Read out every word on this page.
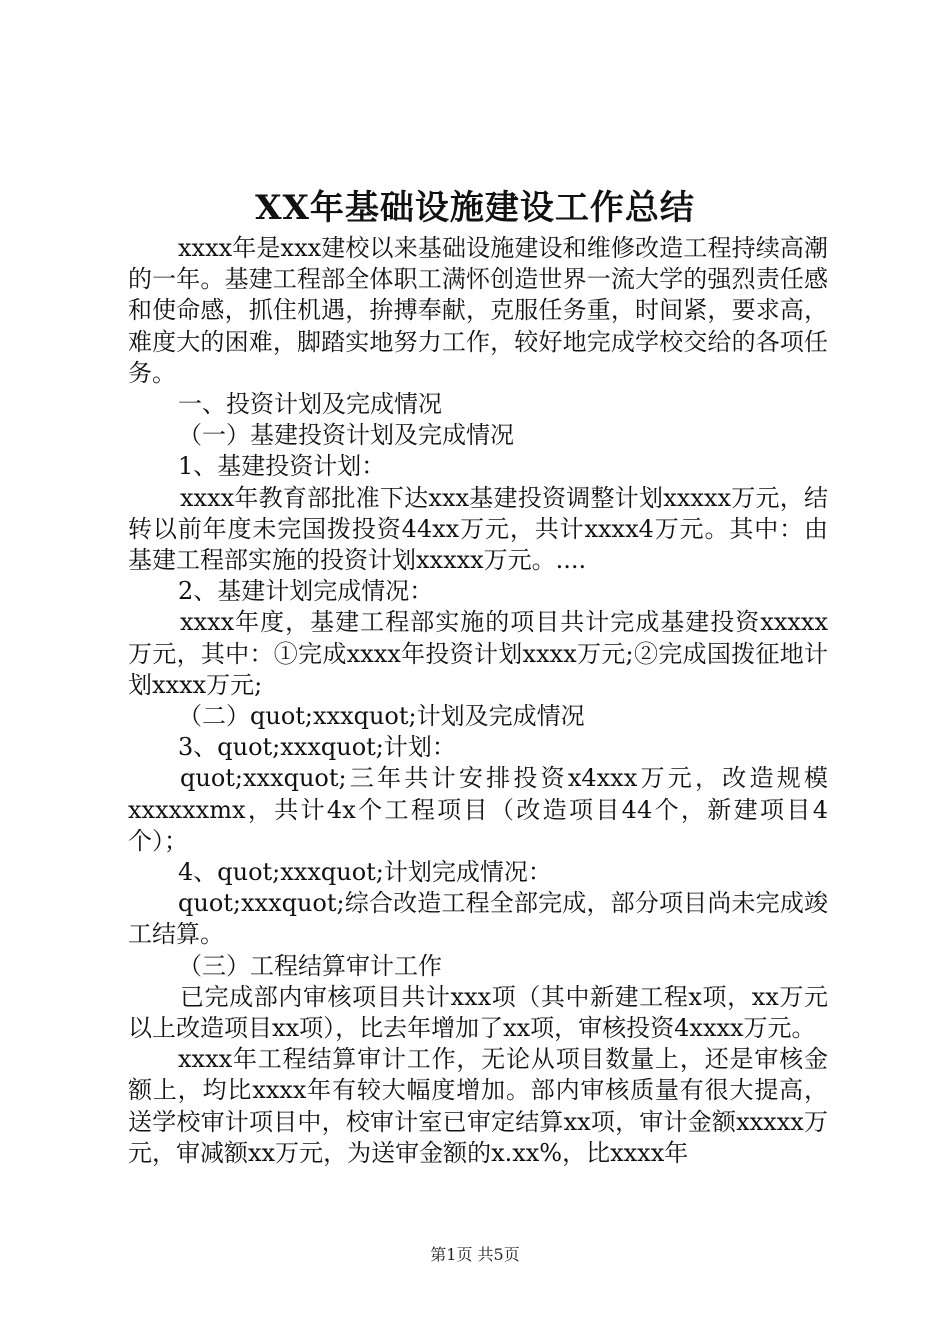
XX年基础设施建设工作总结

xxxx年是xxx建校以来基础设施建设和维修改造工程持续高潮的一年。基建工程部全体职工满怀创造世界一流大学的强烈责任感和使命感，抓住机遇，拚搏奉献，克服任务重，时间紧，要求高，难度大的困难，脚踏实地努力工作，较好地完成学校交给的各项任务。

一、投资计划及完成情况

（一）基建投资计划及完成情况

1、基建投资计划：

xxxx年教育部批准下达xxx基建投资调整计划xxxxx万元，结转以前年度未完国拨投资44xx万元，共计xxxx4万元。其中：由基建工程部实施的投资计划xxxxx万元。....

2、基建计划完成情况：

xxxx年度，基建工程部实施的项目共计完成基建投资xxxxx万元，其中：①完成xxxx年投资计划xxxx万元;②完成国拨征地计划xxxx万元;

（二）quot;xxxquot;计划及完成情况

3、quot;xxxquot;计划：

quot;xxxquot;三年共计安排投资x4xxx万元，改造规模xxxxxxmx，共计4x个工程项目（改造项目44个，新建项目4个）；

4、quot;xxxquot;计划完成情况：

quot;xxxquot;综合改造工程全部完成，部分项目尚未完成竣工结算。

（三）工程结算审计工作

已完成部内审核项目共计xxx项（其中新建工程x项，xx万元以上改造项目xx项），比去年增加了xx项，审核投资4xxxx万元。

xxxx年工程结算审计工作，无论从项目数量上，还是审核金额上，均比xxxx年有较大幅度增加。部内审核质量有很大提高，送学校审计项目中，校审计室已审定结算xx项，审计金额xxxxx万元，审减额xx万元，为送审金额的x.xx%，比xxxx年

第1页 共5页
